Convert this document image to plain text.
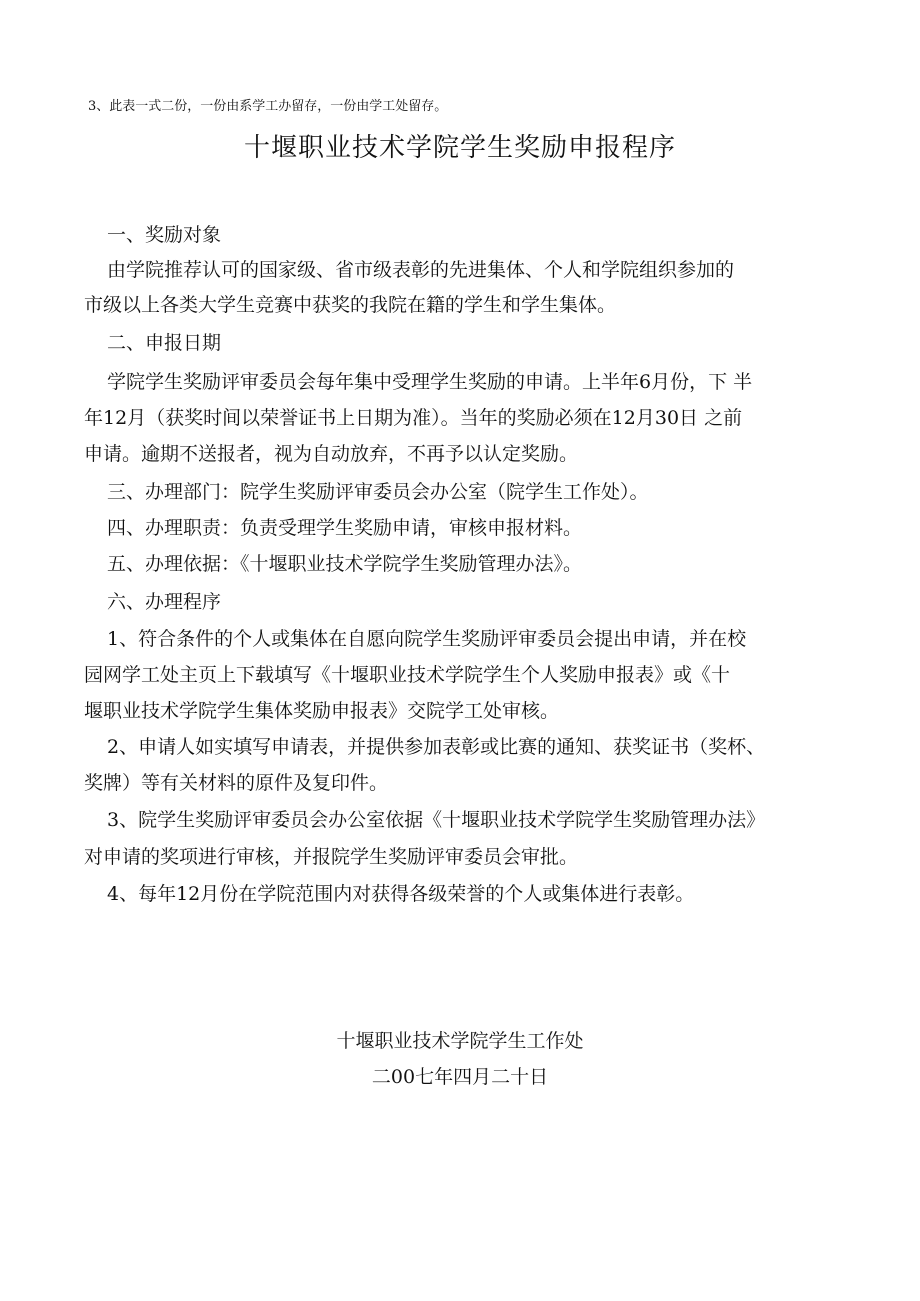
3、此表一式二份，一份由系学工办留存，一份由学工处留存。
十堰职业技术学院学生奖励申报程序
一、奖励对象
由学院推荐认可的国家级、省市级表彰的先进集体、个人和学院组织参加的
市级以上各类大学生竞赛中获奖的我院在籍的学生和学生集体。
二、申报日期
学院学生奖励评审委员会每年集中受理学生奖励的申请。上半年6月份，下 半
年12月（获奖时间以荣誉证书上日期为准）。当年的奖励必须在12月30日 之前
申请。逾期不送报者，视为自动放弃，不再予以认定奖励。
三、办理部门：院学生奖励评审委员会办公室（院学生工作处）。
四、办理职责：负责受理学生奖励申请，审核申报材料。
五、办理依据：《十堰职业技术学院学生奖励管理办法》。
六、办理程序
1、符合条件的个人或集体在自愿向院学生奖励评审委员会提出申请，并在校
园网学工处主页上下载填写《十堰职业技术学院学生个人奖励申报表》或《十
堰职业技术学院学生集体奖励申报表》交院学工处审核。
2、申请人如实填写申请表，并提供参加表彰或比赛的通知、获奖证书（奖杯、
奖牌）等有关材料的原件及复印件。
3、院学生奖励评审委员会办公室依据《十堰职业技术学院学生奖励管理办法》
对申请的奖项进行审核，并报院学生奖励评审委员会审批。
4、每年12月份在学院范围内对获得各级荣誉的个人或集体进行表彰。
十堰职业技术学院学生工作处
二00七年四月二十日
